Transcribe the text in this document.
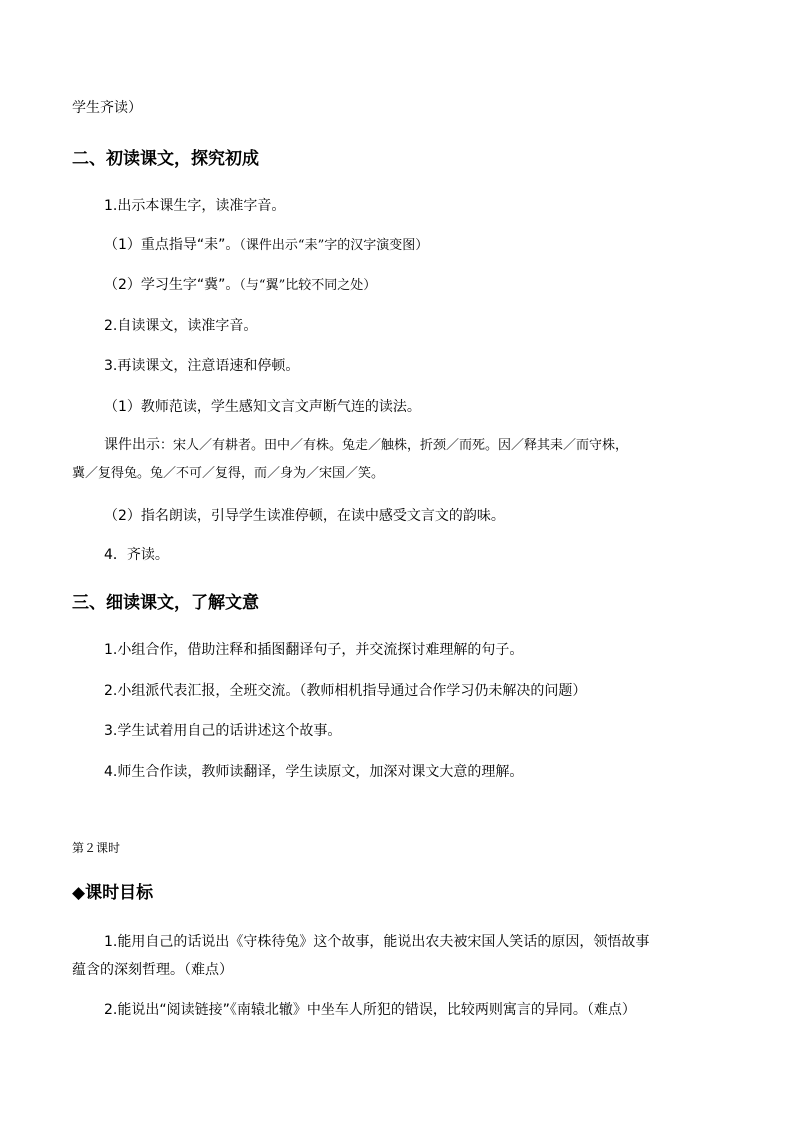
学生齐读）
二、初读课文，探究初成
1.出示本课生字，读准字音。
（1）重点指导“耒”。（课件出示“耒”字的汉字演变图）
（2）学习生字“冀”。（与“翼”比较不同之处）
2.自读课文，读准字音。
3.再读课文，注意语速和停顿。
（1）教师范读，学生感知文言文声断气连的读法。
课件出示：宋人／有耕者。田中／有株。兔走／触株，折颈／而死。因／释其耒／而守株，
冀／复得兔。兔／不可／复得，而／身为／宋国／笑。
（2）指名朗读，引导学生读准停顿，在读中感受文言文的韵味。
4．齐读。
三、细读课文，了解文意
1.小组合作，借助注释和插图翻译句子，并交流探讨难理解的句子。
2.小组派代表汇报，全班交流。（教师相机指导通过合作学习仍未解决的问题）
3.学生试着用自己的话讲述这个故事。
4.师生合作读，教师读翻译，学生读原文，加深对课文大意的理解。
第２课时
◆课时目标
1.能用自己的话说出《守株待兔》这个故事，能说出农夫被宋国人笑话的原因，领悟故事
蕴含的深刻哲理。（难点）
2.能说出“阅读链接”《南辕北辙》中坐车人所犯的错误，比较两则寓言的异同。（难点）
